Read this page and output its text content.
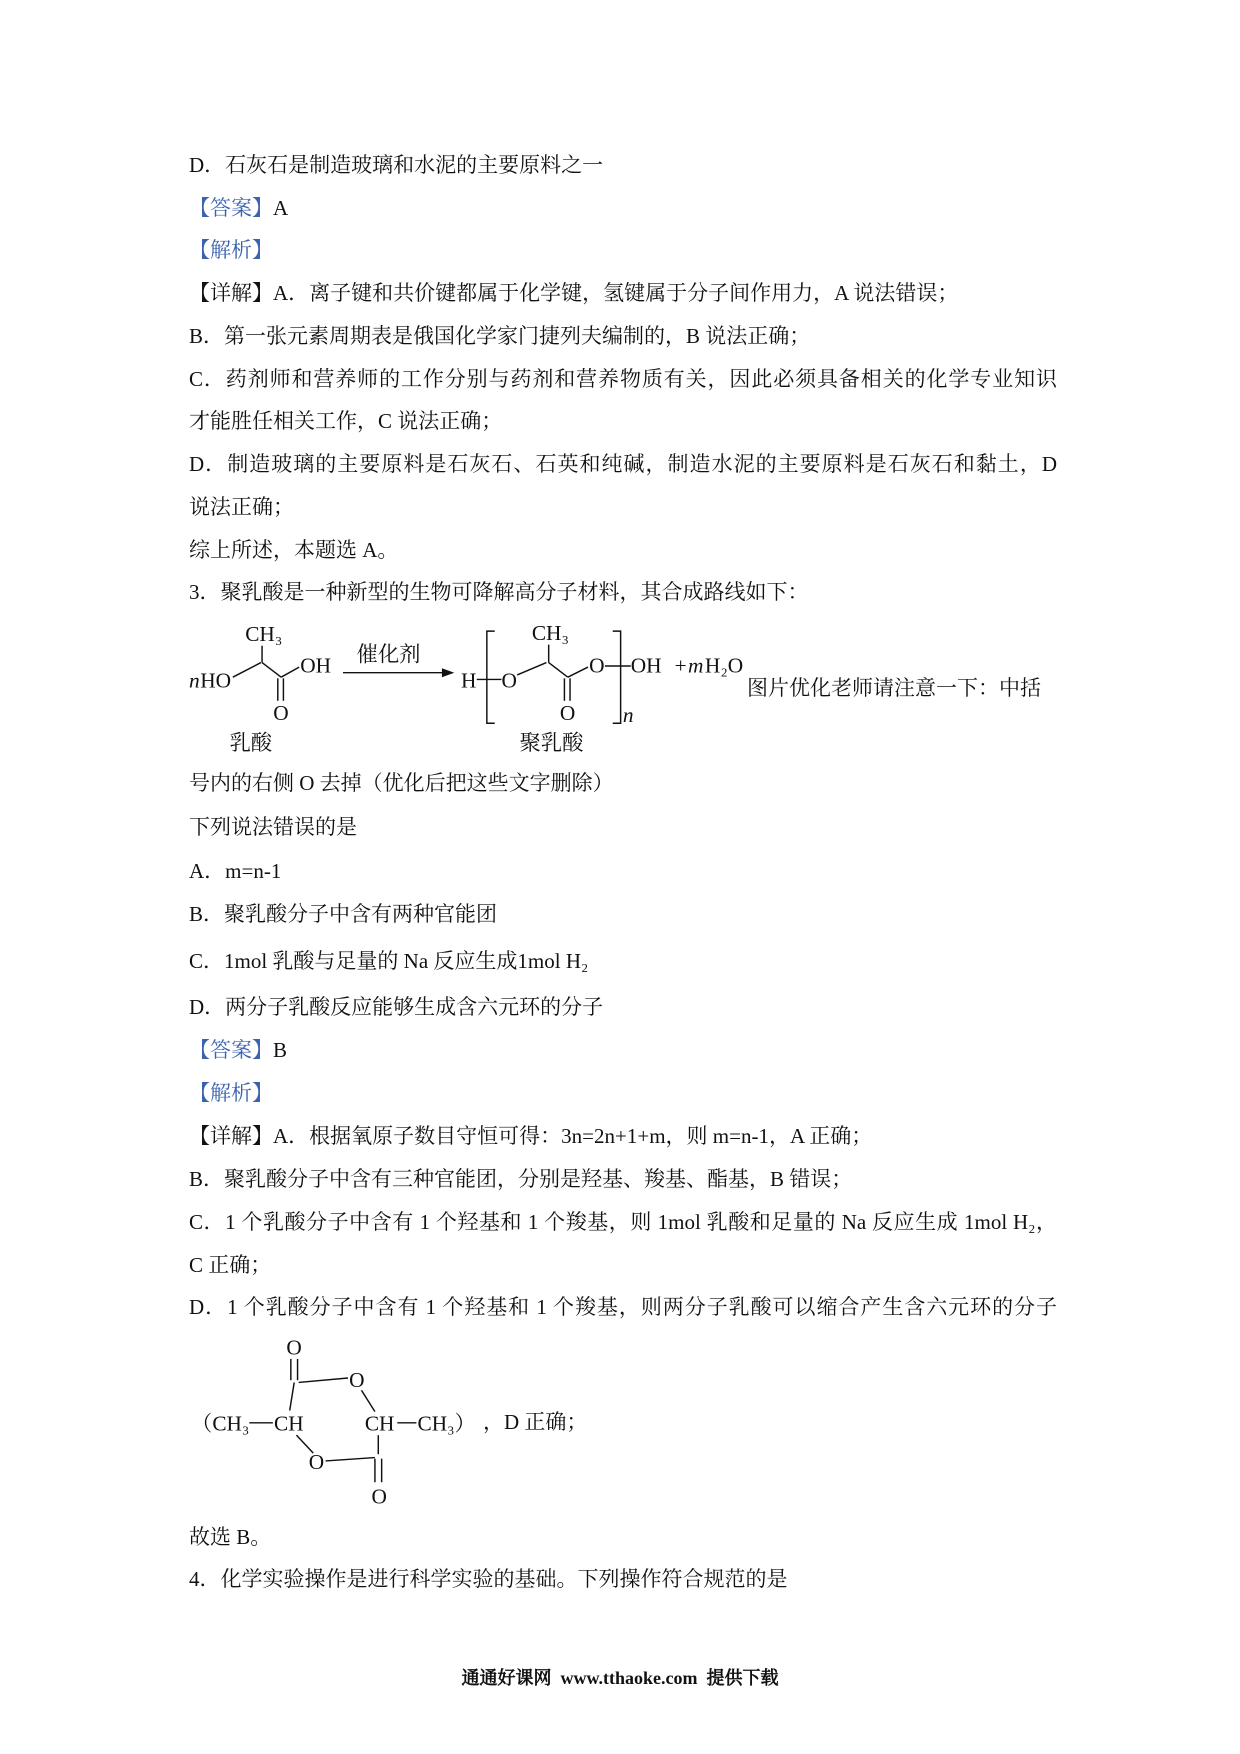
D．石灰石是制造玻璃和水泥的主要原料之一
【答案】A
【解析】
【详解】A．离子键和共价键都属于化学键，氢键属于分子间作用力，A 说法错误；
B．第一张元素周期表是俄国化学家门捷列夫编制的，B 说法正确；
C．药剂师和营养师的工作分别与药剂和营养物质有关，因此必须具备相关的化学专业知识
才能胜任相关工作，C 说法正确；
D．制造玻璃的主要原料是石灰石、石英和纯碱，制造水泥的主要原料是石灰石和黏土，D
说法正确；
综上所述，本题选 A。
3．聚乳酸是一种新型的生物可降解高分子材料，其合成路线如下：
n HO
CH₃
O
OH
乳酸
催化剂
H O
CH₃
O
O
n
OH + m H₂O
聚乳酸
图片优化老师请注意一下：中括
号内的右侧 O 去掉（优化后把这些文字删除）
下列说法错误的是
A．m=n-1
B．聚乳酸分子中含有两种官能团
C．1mol 乳酸与足量的 Na 反应生成1mol H₂
D．两分子乳酸反应能够生成含六元环的分子
【答案】B
【解析】
【详解】A．根据氧原子数目守恒可得：3n=2n+1+m，则 m=n-1，A 正确；
B．聚乳酸分子中含有三种官能团，分别是羟基、羧基、酯基，B 错误；
C．1 个乳酸分子中含有 1 个羟基和 1 个羧基，则 1mol 乳酸和足量的 Na 反应生成 1mol H₂，
C 正确；
D．1 个乳酸分子中含有 1 个羟基和 1 个羧基，则两分子乳酸可以缩合产生含六元环的分子
（CH₃ CH
O
O
CH CH₃ ）
O
O
，D 正确；
故选 B。
4．化学实验操作是进行科学实验的基础。下列操作符合规范的是
通通好课网  www.tthaoke.com  提供下载
